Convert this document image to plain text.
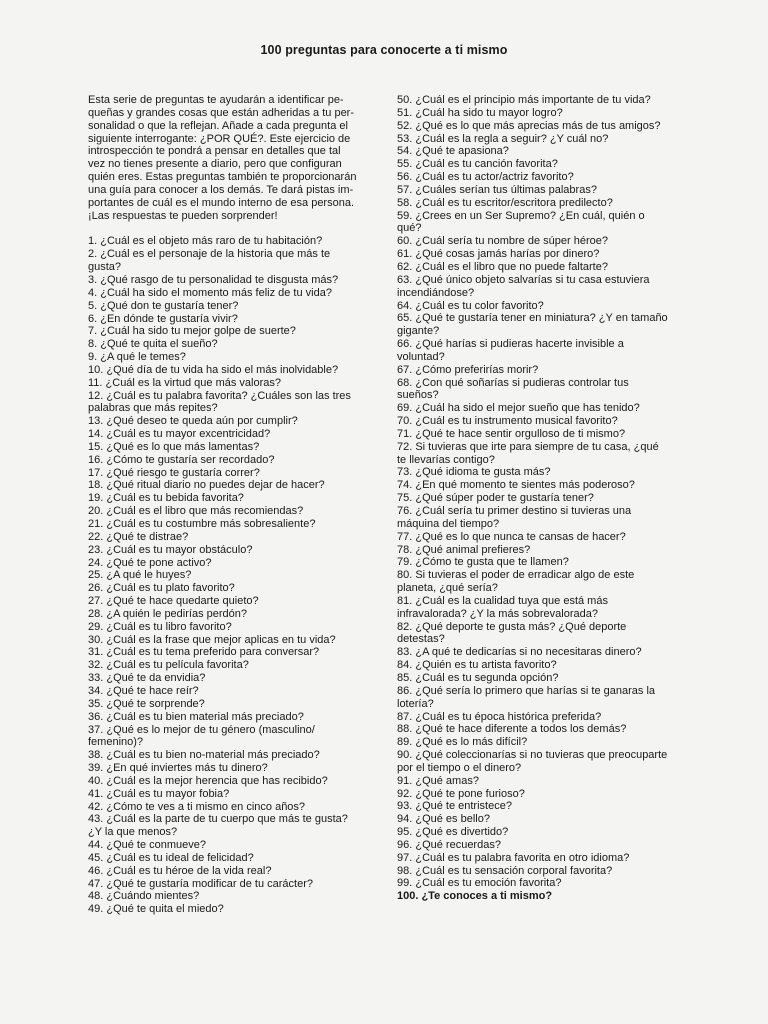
100 preguntas para conocerte a ti mismo
Esta serie de preguntas te ayudarán a identificar pe-
queñas y grandes cosas que están adheridas a tu per-
sonalidad o que la reflejan. Añade a cada pregunta el
siguiente interrogante: ¿POR QUÉ?. Este ejercicio de
introspección te pondrá a pensar en detalles que tal
vez no tienes presente a diario, pero que configuran
quién eres. Estas preguntas también te proporcionarán
una guía para conocer a los demás. Te dará pistas im-
portantes de cuál es el mundo interno de esa persona.
¡Las respuestas te pueden sorprender!
1. ¿Cuál es el objeto más raro de tu habitación?
2. ¿Cuál es el personaje de la historia que más te
gusta?
3. ¿Qué rasgo de tu personalidad te disgusta más?
4. ¿Cuál ha sido el momento más feliz de tu vida?
5. ¿Qué don te gustaría tener?
6. ¿En dónde te gustaría vivir?
7. ¿Cuál ha sido tu mejor golpe de suerte?
8. ¿Qué te quita el sueño?
9. ¿A qué le temes?
10. ¿Qué día de tu vida ha sido el más inolvidable?
11. ¿Cuál es la virtud que más valoras?
12. ¿Cuál es tu palabra favorita? ¿Cuáles son las tres
palabras que más repites?
13. ¿Qué deseo te queda aún por cumplir?
14. ¿Cuál es tu mayor excentricidad?
15. ¿Qué es lo que más lamentas?
16. ¿Cómo te gustaría ser recordado?
17. ¿Qué riesgo te gustaría correr?
18. ¿Qué ritual diario no puedes dejar de hacer?
19. ¿Cuál es tu bebida favorita?
20. ¿Cuál es el libro que más recomiendas?
21. ¿Cuál es tu costumbre más sobresaliente?
22. ¿Qué te distrae?
23. ¿Cuál es tu mayor obstáculo?
24. ¿Qué te pone activo?
25. ¿A qué le huyes?
26. ¿Cuál es tu plato favorito?
27. ¿Qué te hace quedarte quieto?
28. ¿A quién le pedirías perdón?
29. ¿Cuál es tu libro favorito?
30. ¿Cuál es la frase que mejor aplicas en tu vida?
31. ¿Cuál es tu tema preferido para conversar?
32. ¿Cuál es tu película favorita?
33. ¿Qué te da envidia?
34. ¿Qué te hace reír?
35. ¿Qué te sorprende?
36. ¿Cuál es tu bien material más preciado?
37. ¿Qué es lo mejor de tu género (masculino/
femenino)?
38. ¿Cuál es tu bien no-material más preciado?
39. ¿En qué inviertes más tu dinero?
40. ¿Cuál es la mejor herencia que has recibido?
41. ¿Cuál es tu mayor fobia?
42. ¿Cómo te ves a ti mismo en cinco años?
43. ¿Cuál es la parte de tu cuerpo que más te gusta?
¿Y la que menos?
44. ¿Qué te conmueve?
45. ¿Cuál es tu ideal de felicidad?
46. ¿Cuál es tu héroe de la vida real?
47. ¿Qué te gustaría modificar de tu carácter?
48. ¿Cuándo mientes?
49. ¿Qué te quita el miedo?
50. ¿Cuál es el principio más importante de tu vida?
51. ¿Cuál ha sido tu mayor logro?
52. ¿Qué es lo que más aprecias más de tus amigos?
53. ¿Cuál es la regla a seguir? ¿Y cuál no?
54. ¿Qué te apasiona?
55. ¿Cuál es tu canción favorita?
56. ¿Cuál es tu actor/actriz favorito?
57. ¿Cuáles serían tus últimas palabras?
58. ¿Cuál es tu escritor/escritora predilecto?
59. ¿Crees en un Ser Supremo? ¿En cuál, quién o
qué?
60. ¿Cuál sería tu nombre de súper héroe?
61. ¿Qué cosas jamás harías por dinero?
62. ¿Cuál es el libro que no puede faltarte?
63. ¿Qué único objeto salvarías si tu casa estuviera
incendiándose?
64. ¿Cuál es tu color favorito?
65. ¿Qué te gustaría tener en miniatura? ¿Y en tamaño
gigante?
66. ¿Qué harías si pudieras hacerte invisible a
voluntad?
67. ¿Cómo preferirías morir?
68. ¿Con qué soñarías si pudieras controlar tus
sueños?
69. ¿Cuál ha sido el mejor sueño que has tenido?
70. ¿Cuál es tu instrumento musical favorito?
71. ¿Qué te hace sentir orgulloso de ti mismo?
72. Si tuvieras que irte para siempre de tu casa, ¿qué
te llevarías contigo?
73. ¿Qué idioma te gusta más?
74. ¿En qué momento te sientes más poderoso?
75. ¿Qué súper poder te gustaría tener?
76. ¿Cuál sería tu primer destino si tuvieras una
máquina del tiempo?
77. ¿Qué es lo que nunca te cansas de hacer?
78. ¿Qué animal prefieres?
79. ¿Cómo te gusta que te llamen?
80. Si tuvieras el poder de erradicar algo de este
planeta, ¿qué sería?
81. ¿Cuál es la cualidad tuya que está más
infravalorada? ¿Y la más sobrevalorada?
82. ¿Qué deporte te gusta más? ¿Qué deporte
detestas?
83. ¿A qué te dedicarías si no necesitaras dinero?
84. ¿Quién es tu artista favorito?
85. ¿Cuál es tu segunda opción?
86. ¿Qué sería lo primero que harías si te ganaras la
lotería?
87. ¿Cuál es tu época histórica preferida?
88. ¿Qué te hace diferente a todos los demás?
89. ¿Qué es lo más difícil?
90. ¿Qué coleccionarías si no tuvieras que preocuparte
por el tiempo o el dinero?
91. ¿Qué amas?
92. ¿Qué te pone furioso?
93. ¿Qué te entristece?
94. ¿Qué es bello?
95. ¿Qué es divertido?
96. ¿Qué recuerdas?
97. ¿Cuál es tu palabra favorita en otro idioma?
98. ¿Cuál es tu sensación corporal favorita?
99. ¿Cuál es tu emoción favorita?
100. ¿Te conoces a ti mismo?
